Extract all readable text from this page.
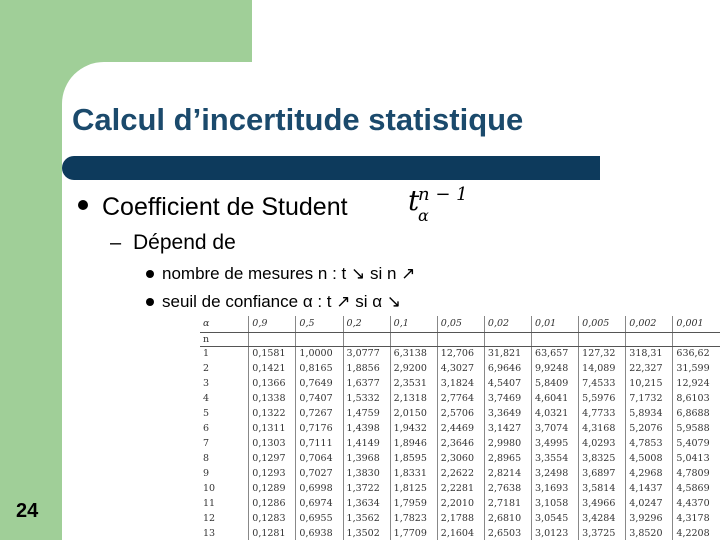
Calcul d’incertitude statistique
Coefficient de Student t
n − 1
α
– Dépend de
nombre de mesures n : t ↘ si n ↗
seuil de confiance α : t ↗ si α ↘
α	0,9	0,5	0,2	0,1	0,05	0,02	0,01	0,005	0,002	0,001
n										
1	0,1581	1,0000	3,0777	6,3138	12,706	31,821	63,657	127,32	318,31	636,62
2	0,1421	0,8165	1,8856	2,9200	4,3027	6,9646	9,9248	14,089	22,327	31,599
3	0,1366	0,7649	1,6377	2,3531	3,1824	4,5407	5,8409	7,4533	10,215	12,924
4	0,1338	0,7407	1,5332	2,1318	2,7764	3,7469	4,6041	5,5976	7,1732	8,6103
5	0,1322	0,7267	1,4759	2,0150	2,5706	3,3649	4,0321	4,7733	5,8934	6,8688
6	0,1311	0,7176	1,4398	1,9432	2,4469	3,1427	3,7074	4,3168	5,2076	5,9588
7	0,1303	0,7111	1,4149	1,8946	2,3646	2,9980	3,4995	4,0293	4,7853	5,4079
8	0,1297	0,7064	1,3968	1,8595	2,3060	2,8965	3,3554	3,8325	4,5008	5,0413
9	0,1293	0,7027	1,3830	1,8331	2,2622	2,8214	3,2498	3,6897	4,2968	4,7809
10	0,1289	0,6998	1,3722	1,8125	2,2281	2,7638	3,1693	3,5814	4,1437	4,5869
11	0,1286	0,6974	1,3634	1,7959	2,2010	2,7181	3,1058	3,4966	4,0247	4,4370
12	0,1283	0,6955	1,3562	1,7823	2,1788	2,6810	3,0545	3,4284	3,9296	4,3178
13	0,1281	0,6938	1,3502	1,7709	2,1604	2,6503	3,0123	3,3725	3,8520	4,2208
24
